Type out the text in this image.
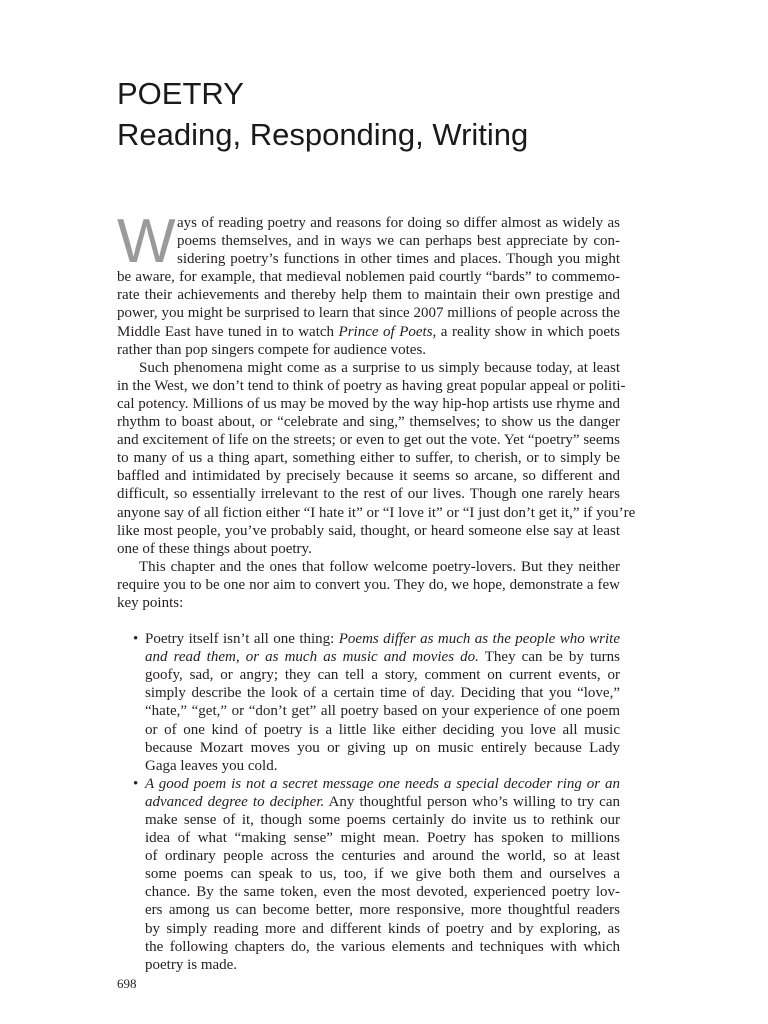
POETRY
Reading, Responding, Writing
W ays of reading poetry and reasons for doing so differ almost as widely as
poems themselves, and in ways we can perhaps best appreciate by con-
sidering poetry’s functions in other times and places. Though you might
be aware, for example, that medieval noblemen paid courtly “bards” to commemo-
rate their achievements and thereby help them to maintain their own prestige and
power, you might be surprised to learn that since 2007 millions of people across the
Middle East have tuned in to watch Prince of Poets, a reality show in which poets
rather than pop singers compete for audience votes.
Such phenomena might come as a surprise to us simply because today, at least
in the West, we don’t tend to think of poetry as having great popular appeal or politi-
cal potency. Millions of us may be moved by the way hip-hop artists use rhyme and
rhythm to boast about, or “celebrate and sing,” themselves; to show us the danger
and excitement of life on the streets; or even to get out the vote. Yet “poetry” seems
to many of us a thing apart, something either to suffer, to cherish, or to simply be
baffled and intimidated by precisely because it seems so arcane, so different and
difficult, so essentially irrelevant to the rest of our lives. Though one rarely hears
anyone say of all fiction either “I hate it” or “I love it” or “I just don’t get it,” if you’re
like most people, you’ve probably said, thought, or heard someone else say at least
one of these things about poetry.
This chapter and the ones that follow welcome poetry-lovers. But they neither
require you to be one nor aim to convert you. They do, we hope, demonstrate a few
key points:
• Poetry itself isn’t all one thing: Poems differ as much as the people who write
and read them, or as much as music and movies do. They can be by turns
goofy, sad, or angry; they can tell a story, comment on current events, or
simply describe the look of a certain time of day. Deciding that you “love,”
“hate,” “get,” or “don’t get” all poetry based on your experience of one poem
or of one kind of poetry is a little like either deciding you love all music
because Mozart moves you or giving up on music entirely because Lady
Gaga leaves you cold.
• A good poem is not a secret message one needs a special decoder ring or an
advanced degree to decipher. Any thoughtful person who’s willing to try can
make sense of it, though some poems certainly do invite us to rethink our
idea of what “making sense” might mean. Poetry has spoken to millions
of ordinary people across the centuries and around the world, so at least
some poems can speak to us, too, if we give both them and ourselves a
chance. By the same token, even the most devoted, experienced poetry lov-
ers among us can become better, more responsive, more thoughtful readers
by simply reading more and different kinds of poetry and by exploring, as
the following chapters do, the various elements and techniques with which
poetry is made.
698
